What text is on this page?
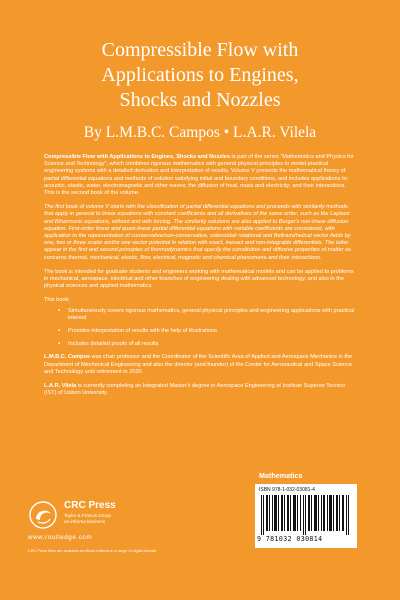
Compressible Flow with
Applications to Engines,
Shocks and Nozzles
By L.M.B.C. Campos • L.A.R. Vilela

Compressible Flow with Applications to Engines, Shocks and Nozzles is part of the series “Mathematics and Physics for Science and Technology”, which combines rigorous mathematics with general physical principles to model practical engineering systems with a detailed derivation and interpretation of results. Volume V presents the mathematical theory of partial differential equations and methods of solution satisfying initial and boundary conditions, and includes applications to: acoustic, elastic, water, electromagnetic and other waves; the diffusion of heat, mass and electricity; and their interactions. This is the second book of the volume.

The first book of volume V starts with the classification of partial differential equations and proceeds with similarity methods that apply in general to linear equations with constant coefficients and all derivatives of the same order, such as the Laplace and Biharmonic equations, without and with forcing. The similarity solutions are also applied to Burger's non-linear diffusion equation. First-order linear and quasi-linear partial differential equations with variable coefficients are considered, with application to the representation of conservative/non-conservative, solenoidal/ rotational and Beltrami/helical vector fields by one, two or three scalar and/or one vector potential in relation with exact, inexact and non-integrable differentials. The latter appear in the first and second principles of thermodynamics that specify the constitutive and diffusive properties of matter as concerns thermal, mechanical, elastic, flow, electrical, magnetic and chemical phenomena and their interactions.

The book is intended for graduate students and engineers working with mathematical models and can be applied to problems in mechanical, aerospace, electrical and other branches of engineering dealing with advanced technology, and also in the physical sciences and applied mathematics.

This book:

▪ Simultaneously covers rigorous mathematics, general physical principles and engineering applications with practical interest
▪ Provides interpretation of results with the help of illustrations
▪ Includes detailed proofs of all results

L.M.B.C. Campos was chair professor and the Coordinator of the Scientific Area of Applied and Aerospace Mechanics in the Department of Mechanical Engineering and also the director (and founder) of the Center for Aeronautical and Space Science and Technology until retirement in 2020.

L.A.R. Vilela is currently completing an Integrated Master's degree in Aerospace Engineering at Institute Superior Tecnico (IST) of Lisbon University.

Mathematics
ISBN 978-1-032-03081-4
9 781032 030814
CRC Press
Taylor & Francis Group
an informa business
www.routledge.com
CRC Press titles are available as eBook editions in a range of digital formats
